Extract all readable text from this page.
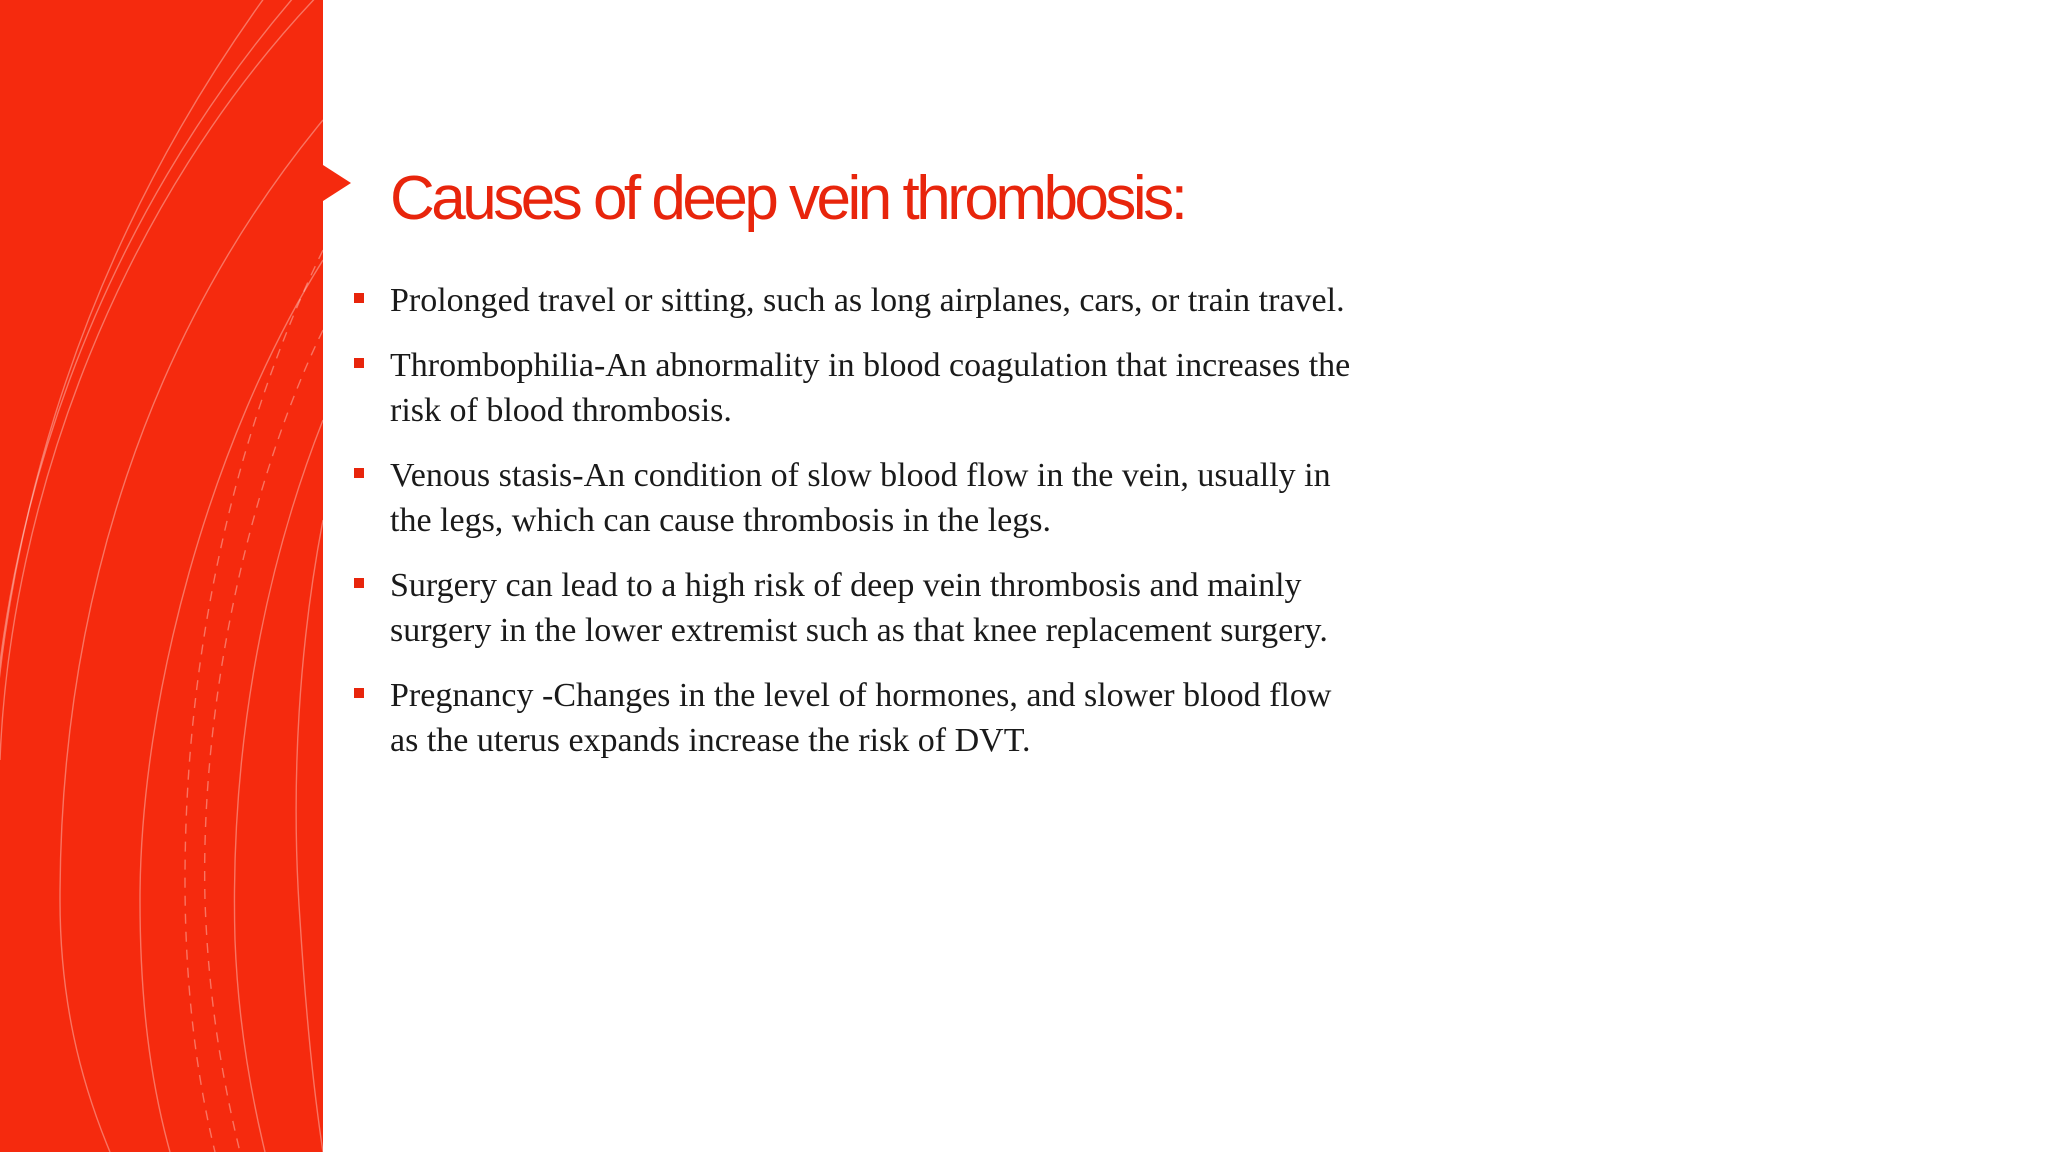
Causes of deep vein thrombosis:
Prolonged travel or sitting, such as long airplanes, cars, or train travel.
Thrombophilia-An abnormality in blood coagulation that increases the risk of blood thrombosis.
Venous stasis-An condition of slow blood flow in the vein, usually in the legs, which can cause thrombosis in the legs.
Surgery can lead to a high risk of deep vein thrombosis and mainly surgery in the lower extremist such as that knee replacement surgery.
Pregnancy -Changes in the level of hormones, and slower blood flow as the uterus expands increase the risk of DVT.
